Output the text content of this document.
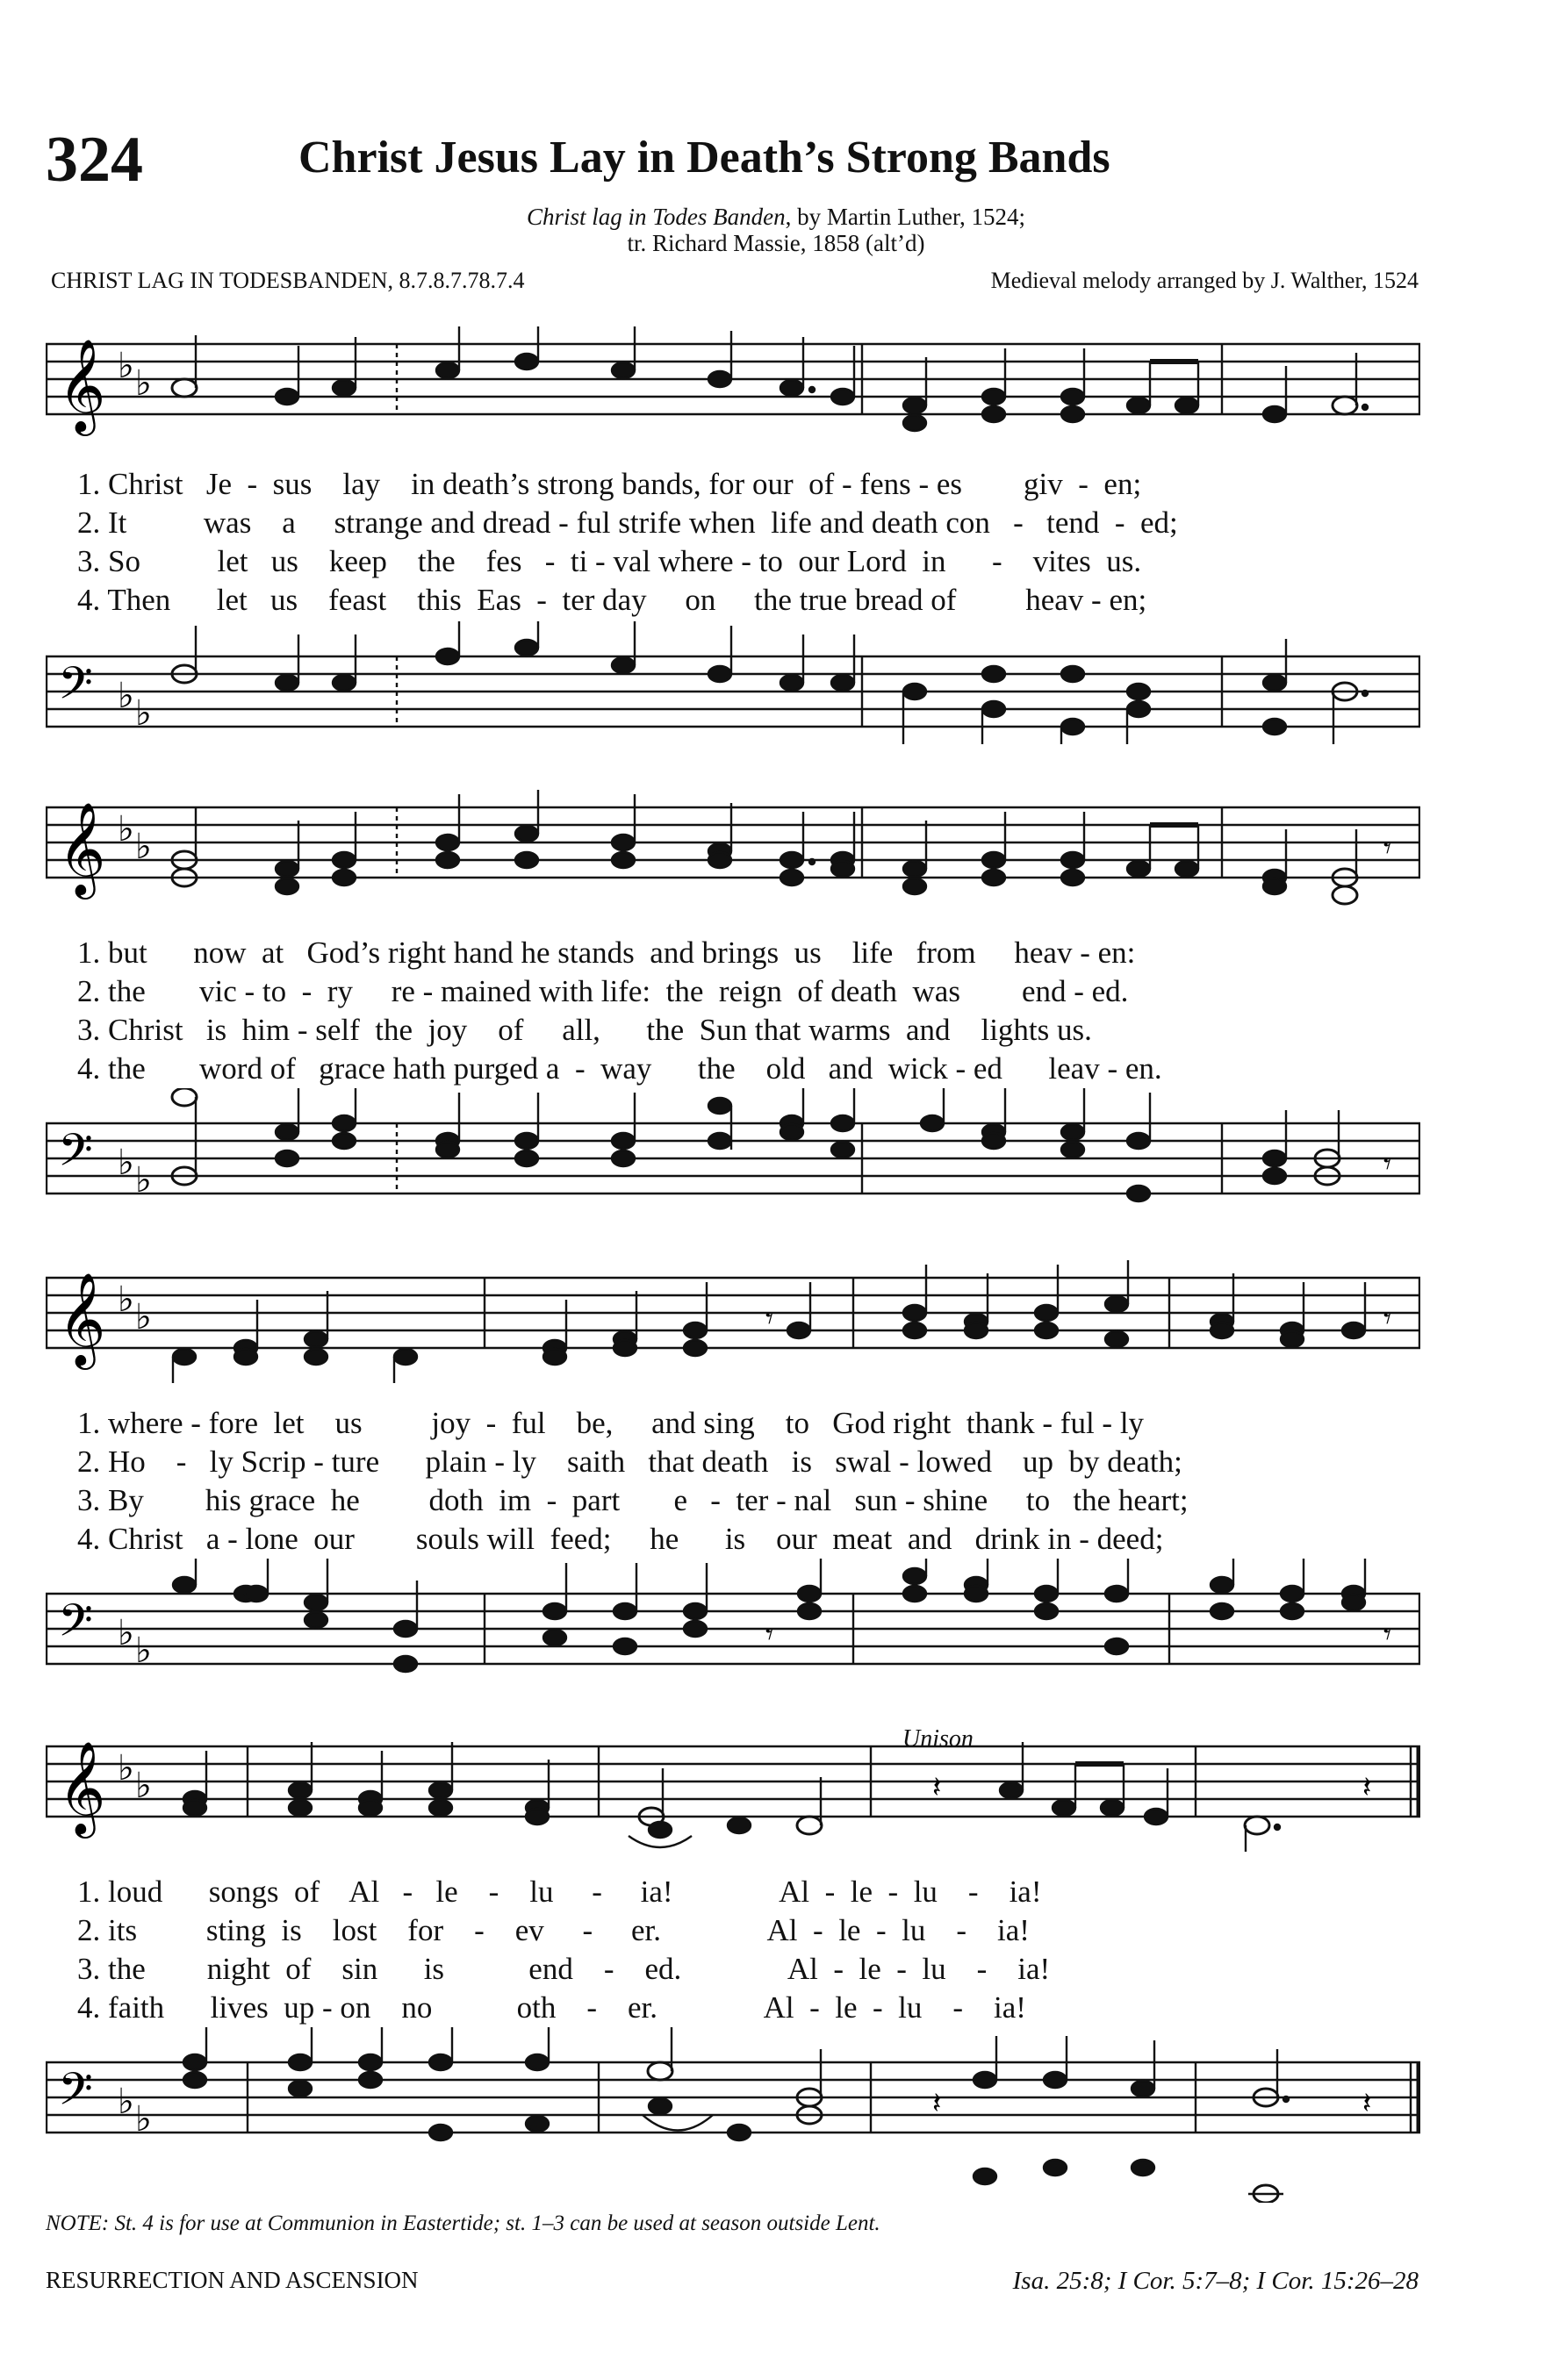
324	Christ Jesus Lay in Death’s Strong Bands
Christ lag in Todes Banden, by Martin Luther, 1524;
tr. Richard Massie, 1858 (alt’d)
CHRIST LAG IN TODESBANDEN, 8.7.8.7.78.7.4	Medieval melody arranged by J. Walther, 1524
𝄞 ♭ ♭
1. Christ   Je  -  sus    lay    in death’s strong bands, for our  of - fens - es        giv  -  en;
2. It          was    a     strange and dread - ful strife when  life and death con   -   tend  -  ed;
3. So          let   us    keep    the    fes   -  ti - val where - to  our Lord  in      -    vites  us.
4. Then      let   us    feast    this  Eas  -  ter day     on     the true bread of         heav - en;
𝄢 ♭ ♭
𝄞 ♭ ♭	𝄾
1. but      now  at   God’s right hand he stands  and brings  us    life   from     heav - en:
2. the       vic - to  -  ry     re - mained with life:  the  reign  of death  was        end - ed.
3. Christ   is  him - self  the  joy    of     all,      the  Sun that warms  and    lights us.
4. the       word of   grace hath purged a  -  way      the    old   and  wick - ed      leav - en.
𝄢 ♭ ♭	𝄾
𝄞 ♭ ♭	𝄾
𝄾
1. where - fore  let    us         joy  -  ful    be,     and sing    to   God right  thank - ful - ly
2. Ho    -   ly Scrip - ture      plain - ly    saith   that death   is   swal - lowed    up  by death;
3. By        his grace  he         doth  im  -  part       e   -  ter - nal   sun - shine     to   the heart;
4. Christ   a - lone  our        souls will  feed;     he      is    our  meat  and   drink in - deed;
𝄢 ♭ ♭	𝄾
𝄾
Unison
𝄞 ♭ ♭	𝄽	𝄽
1. loud      songs  of    Al   -   le    -    lu     -     ia!              Al  -  le  -  lu    -    ia!
2. its         sting  is    lost    for    -    ev     -     er.              Al  -  le  -  lu    -    ia!
3. the        night  of    sin      is           end    -    ed.              Al  -  le  -  lu    -    ia!
4. faith      lives  up - on    no           oth    -    er.              Al  -  le  -  lu    -    ia!
𝄢 ♭ ♭	𝄽	𝄽
NOTE: St. 4 is for use at Communion in Eastertide; st. 1–3 can be used at season outside Lent.
RESURRECTION AND ASCENSION	Isa. 25:8; I Cor. 5:7–8; I Cor. 15:26–28
